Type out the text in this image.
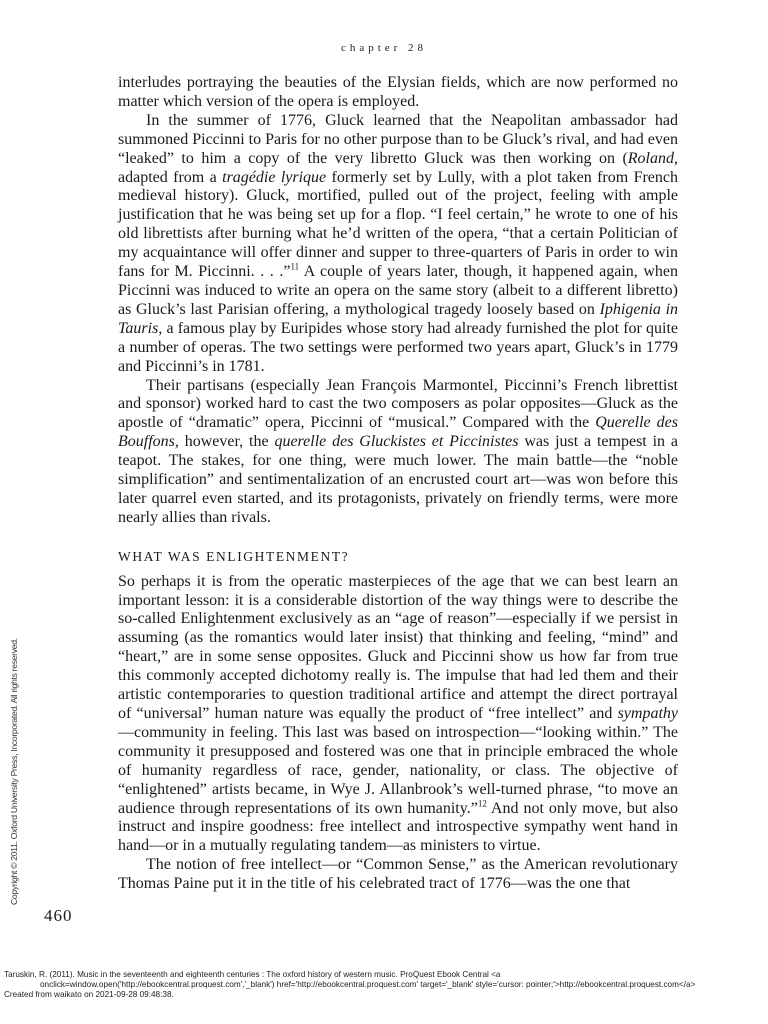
chapter 28

interludes portraying the beauties of the Elysian fields, which are now performed no matter which version of the opera is employed.

In the summer of 1776, Gluck learned that the Neapolitan ambassador had summoned Piccinni to Paris for no other purpose than to be Gluck’s rival, and had even “leaked” to him a copy of the very libretto Gluck was then working on (Roland, adapted from a tragédie lyrique formerly set by Lully, with a plot taken from French medieval history). Gluck, mortified, pulled out of the project, feeling with ample justification that he was being set up for a flop. “I feel certain,” he wrote to one of his old librettists after burning what he’d written of the opera, “that a certain Politician of my acquaintance will offer dinner and supper to three-quarters of Paris in order to win fans for M. Piccinni. . . .”$^{11}$ A couple of years later, though, it happened again, when Piccinni was induced to write an opera on the same story (albeit to a different libretto) as Gluck’s last Parisian offering, a mythological tragedy loosely based on Iphigenia in Tauris, a famous play by Euripides whose story had already furnished the plot for quite a number of operas. The two settings were performed two years apart, Gluck’s in 1779 and Piccinni’s in 1781.

Their partisans (especially Jean François Marmontel, Piccinni’s French librettist and sponsor) worked hard to cast the two composers as polar opposites—Gluck as the apostle of “dramatic” opera, Piccinni of “musical.” Compared with the Querelle des Bouffons, however, the querelle des Gluckistes et Piccinistes was just a tempest in a teapot. The stakes, for one thing, were much lower. The main battle—the “noble simplification” and sentimentalization of an encrusted court art—was won before this later quarrel even started, and its protagonists, privately on friendly terms, were more nearly allies than rivals.

WHAT WAS ENLIGHTENMENT?

So perhaps it is from the operatic masterpieces of the age that we can best learn an important lesson: it is a considerable distortion of the way things were to describe the so-called Enlightenment exclusively as an “age of reason”—especially if we persist in assuming (as the romantics would later insist) that thinking and feeling, “mind” and “heart,” are in some sense opposites. Gluck and Piccinni show us how far from true this commonly accepted dichotomy really is. The impulse that had led them and their artistic contemporaries to question traditional artifice and attempt the direct portrayal of “universal” human nature was equally the product of “free intellect” and sympathy—community in feeling. This last was based on introspection—“looking within.” The community it presupposed and fostered was one that in principle embraced the whole of humanity regardless of race, gender, nationality, or class. The objective of “enlightened” artists became, in Wye J. Allanbrook’s well-turned phrase, “to move an audience through representations of its own humanity.”$^{12}$ And not only move, but also instruct and inspire goodness: free intellect and introspective sympathy went hand in hand—or in a mutually regulating tandem—as ministers to virtue.

The notion of free intellect—or “Common Sense,” as the American revolutionary Thomas Paine put it in the title of his celebrated tract of 1776—was the one that

Copyright © 2011. Oxford University Press, Incorporated. All rights reserved.
460
Taruskin, R. (2011). Music in the seventeenth and eighteenth centuries : The oxford history of western music. ProQuest Ebook Central <a
onclick=window.open('http://ebookcentral.proquest.com','_blank') href='http://ebookcentral.proquest.com' target='_blank' style='cursor: pointer;'>http://ebookcentral.proquest.com</a>
Created from waikato on 2021-09-28 09:48:38.
